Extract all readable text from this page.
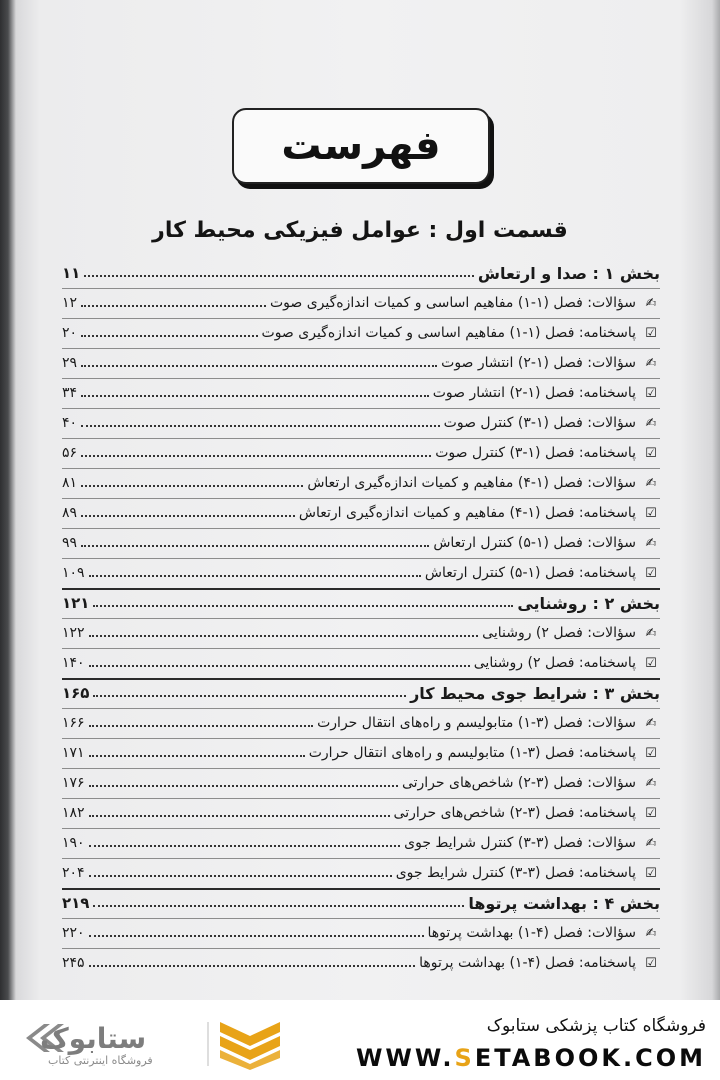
فهرست
قسمت اول : عوامل فیزیکی محیط کار
بخش ۱ : صدا و ارتعاش
۱۱
✍
سؤالات: فصل (۱-۱) مفاهیم اساسی و کمیات اندازه‌گیری صوت
۱۲
☑
پاسخنامه: فصل (۱-۱) مفاهیم اساسی و کمیات اندازه‌گیری صوت
۲۰
✍
سؤالات: فصل (۱-۲) انتشار صوت
۲۹
☑
پاسخنامه: فصل (۱-۲) انتشار صوت
۳۴
✍
سؤالات: فصل (۱-۳) کنترل صوت
۴۰
☑
پاسخنامه: فصل (۱-۳) کنترل صوت
۵۶
✍
سؤالات: فصل (۱-۴) مفاهیم و کمیات اندازه‌گیری ارتعاش
۸۱
☑
پاسخنامه: فصل (۱-۴) مفاهیم و کمیات اندازه‌گیری ارتعاش
۸۹
✍
سؤالات: فصل (۱-۵) کنترل ارتعاش
۹۹
☑
پاسخنامه: فصل (۱-۵) کنترل ارتعاش
۱۰۹
بخش ۲ : روشنایی
۱۲۱
✍
سؤالات: فصل ۲) روشنایی
۱۲۲
☑
پاسخنامه: فصل ۲) روشنایی
۱۴۰
بخش ۳ : شرایط جوی محیط کار
۱۶۵
✍
سؤالات: فصل (۳-۱) متابولیسم و راه‌های انتقال حرارت
۱۶۶
☑
پاسخنامه: فصل (۳-۱) متابولیسم و راه‌های انتقال حرارت
۱۷۱
✍
سؤالات: فصل (۳-۲) شاخص‌های حرارتی
۱۷۶
☑
پاسخنامه: فصل (۳-۲) شاخص‌های حرارتی
۱۸۲
✍
سؤالات: فصل (۳-۳) کنترل شرایط جوی
۱۹۰
☑
پاسخنامه: فصل (۳-۳) کنترل شرایط جوی
۲۰۴
بخش ۴ : بهداشت پرتوها
۲۱۹
✍
سؤالات: فصل (۴-۱) بهداشت پرتوها
۲۲۰
☑
پاسخنامه: فصل (۴-۱) بهداشت پرتوها
۲۴۵
ستابوک
فروشگاه اینترنتی کتاب
فروشگاه کتاب پزشکی ستابوک
WWW.SETABOOK.COM
